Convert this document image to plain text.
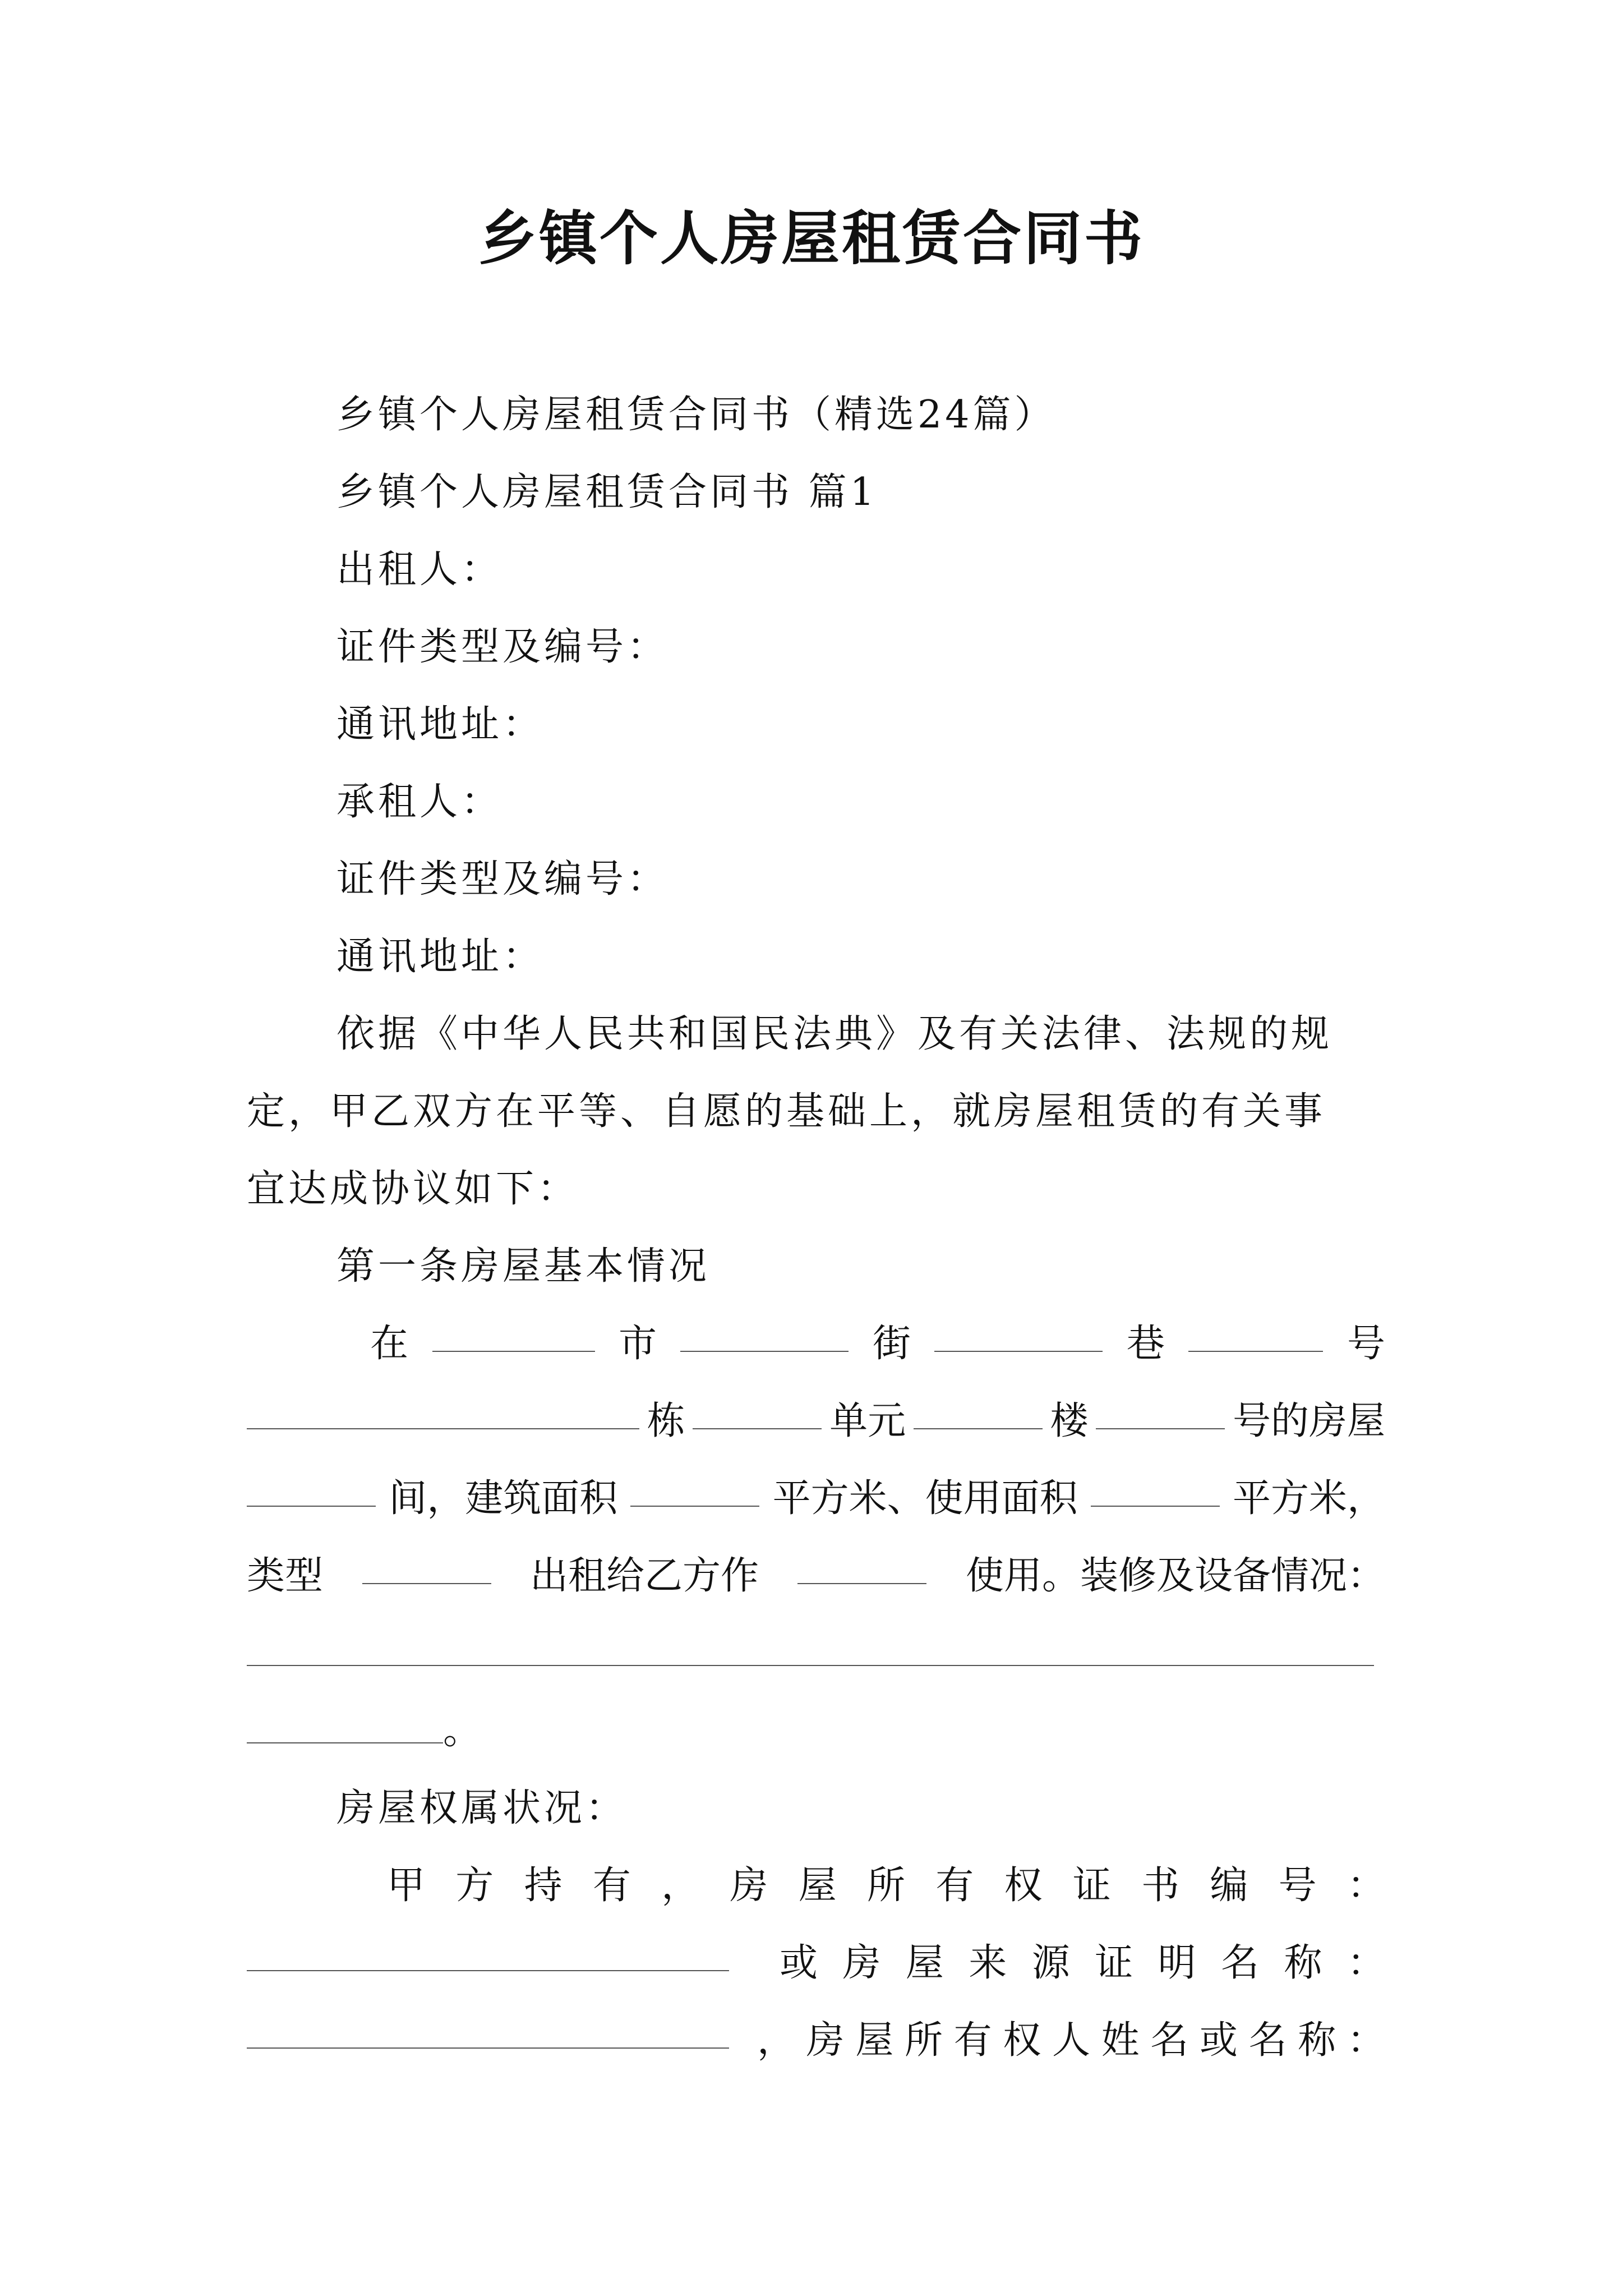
乡镇个人房屋租赁合同书
乡镇个人房屋租赁合同书（精选24篇）
乡镇个人房屋租赁合同书 篇1
出租人：
证件类型及编号：
通讯地址：
承租人：
证件类型及编号：
通讯地址：
依据《中华人民共和国民法典》及有关法律、法规的规
定，甲乙双方在平等、自愿的基础上，就房屋租赁的有关事
宜达成协议如下：
第一条房屋基本情况
在	市	街	巷	号
栋	单元	楼	号的房屋
间，建筑面积	平方米、使用面积	平方米，
类型	出租给乙方作	使用。装修及设备情况：
。
房屋权属状况：
甲 方 持 有 ， 房 屋 所 有 权 证 书 编 号 ：
或 房 屋 来 源 证 明 名 称 ：
， 房 屋 所 有 权 人 姓 名 或 名 称 ：
